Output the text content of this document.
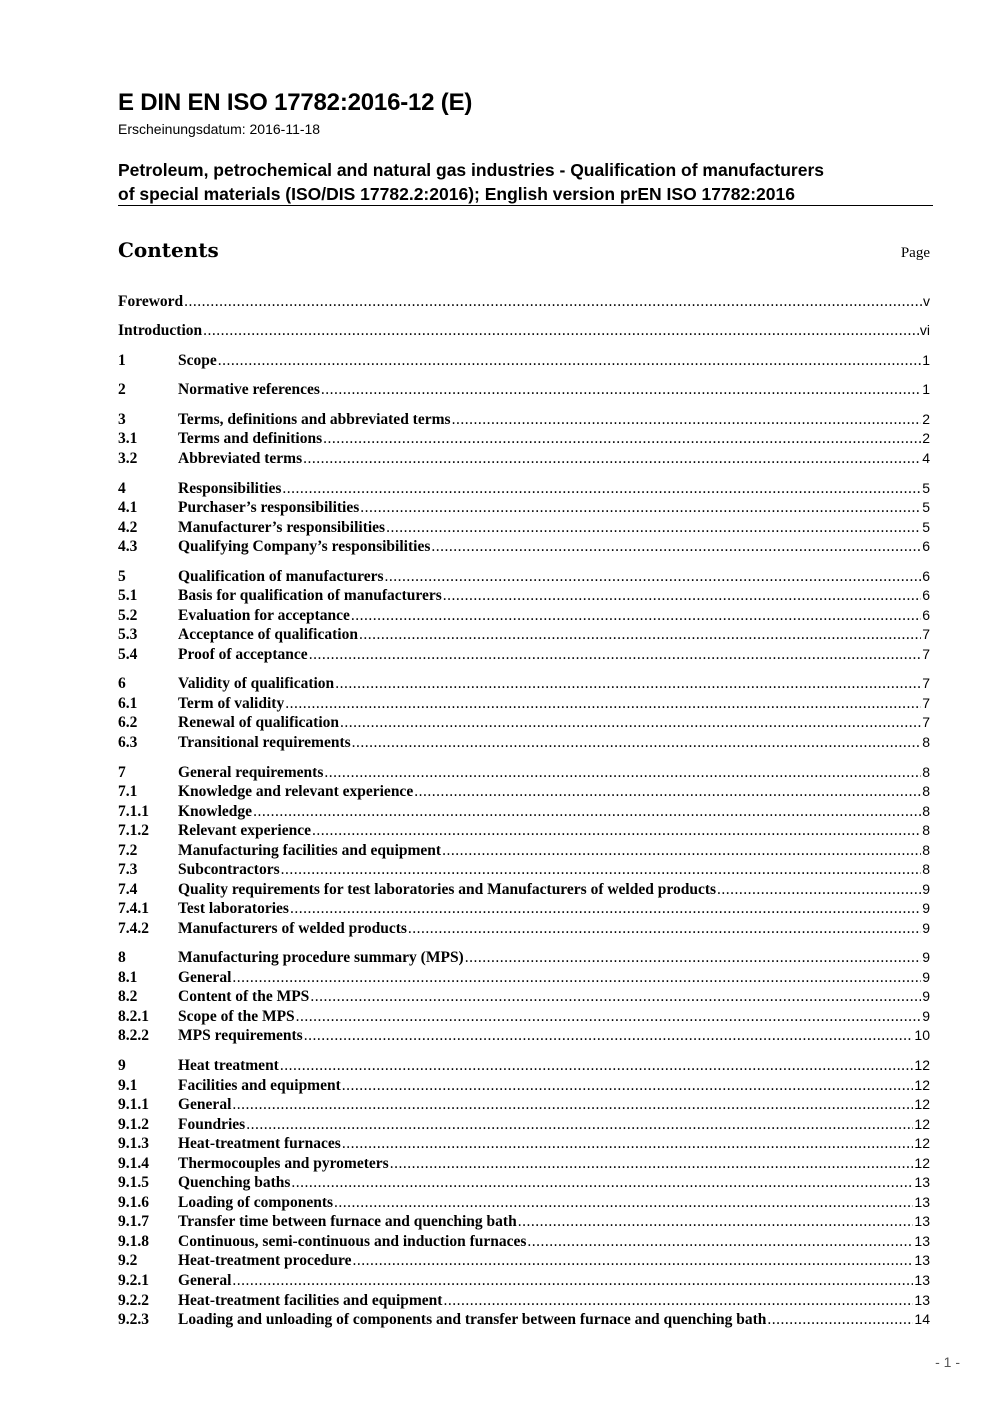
E DIN EN ISO 17782:2016-12 (E)
Erscheinungsdatum: 2016-11-18
Petroleum, petrochemical and natural gas industries - Qualification of manufacturers
of special materials (ISO/DIS 17782.2:2016); English version prEN ISO 17782:2016
Contents	Page
Foreword .....	v
Introduction .....	vi
1	Scope .....	1
2	Normative references .....	1
3	Terms, definitions and abbreviated terms .....	2
3.1	Terms and definitions .....	2
3.2	Abbreviated terms .....	4
4	Responsibilities .....	5
4.1	Purchaser’s responsibilities .....	5
4.2	Manufacturer’s responsibilities .....	5
4.3	Qualifying Company’s responsibilities .....	6
5	Qualification of manufacturers .....	6
5.1	Basis for qualification of manufacturers .....	6
5.2	Evaluation for acceptance .....	6
5.3	Acceptance of qualification .....	7
5.4	Proof of acceptance .....	7
6	Validity of qualification .....	7
6.1	Term of validity .....	7
6.2	Renewal of qualification .....	7
6.3	Transitional requirements .....	8
7	General requirements .....	8
7.1	Knowledge and relevant experience .....	8
7.1.1	Knowledge .....	8
7.1.2	Relevant experience .....	8
7.2	Manufacturing facilities and equipment .....	8
7.3	Subcontractors .....	8
7.4	Quality requirements for test laboratories and Manufacturers of welded products .....	9
7.4.1	Test laboratories .....	9
7.4.2	Manufacturers of welded products .....	9
8	Manufacturing procedure summary (MPS) .....	9
8.1	General .....	9
8.2	Content of the MPS .....	9
8.2.1	Scope of the MPS .....	9
8.2.2	MPS requirements .....	10
9	Heat treatment .....	12
9.1	Facilities and equipment .....	12
9.1.1	General .....	12
9.1.2	Foundries .....	12
9.1.3	Heat-treatment furnaces .....	12
9.1.4	Thermocouples and pyrometers .....	12
9.1.5	Quenching baths .....	13
9.1.6	Loading of components .....	13
9.1.7	Transfer time between furnace and quenching bath .....	13
9.1.8	Continuous, semi-continuous and induction furnaces .....	13
9.2	Heat-treatment procedure .....	13
9.2.1	General .....	13
9.2.2	Heat-treatment facilities and equipment .....	13
9.2.3	Loading and unloading of components and transfer between furnace and quenching bath .....	14
- 1 -
